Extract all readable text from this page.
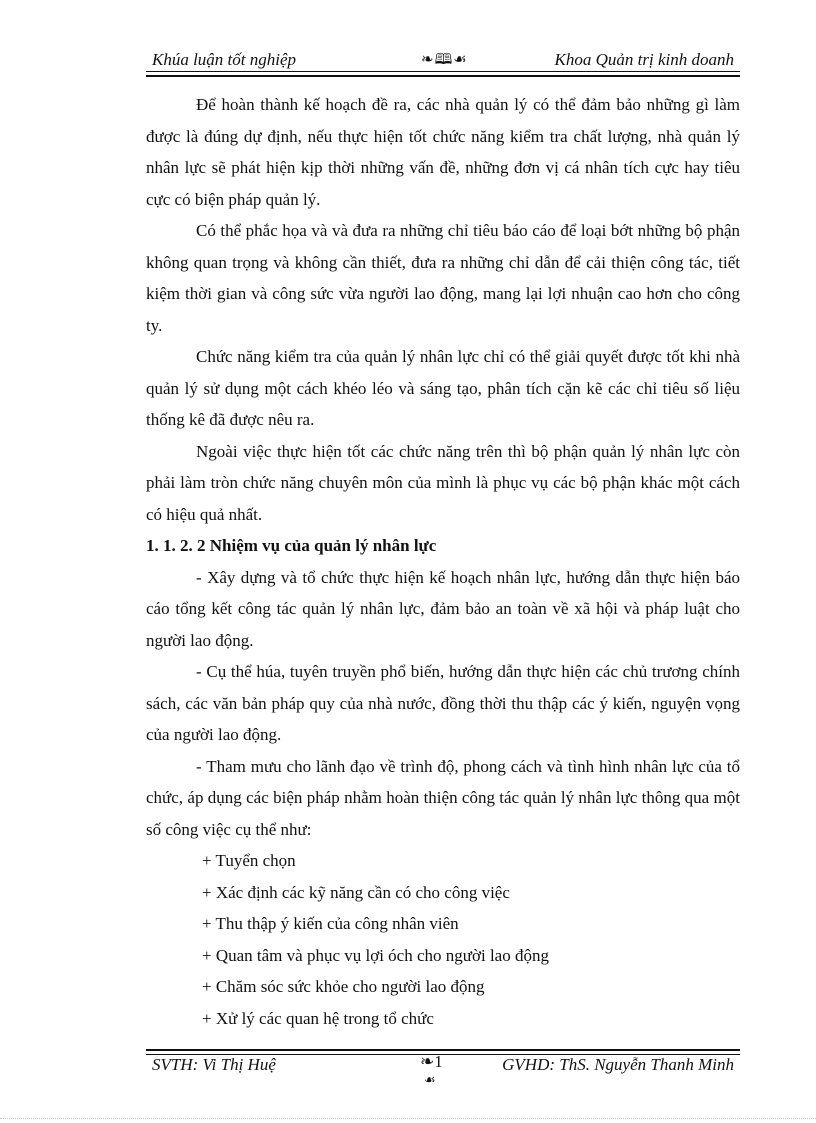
Khúa luận tốt nghiệp	❧🕮☙	Khoa Quản trị kinh doanh

Để hoàn thành kế hoạch đề ra, các nhà quản lý có thể đảm bảo những gì làm được là đúng dự định, nếu thực hiện tốt chức năng kiểm tra chất lượng, nhà quản lý nhân lực sẽ phát hiện kịp thời những vấn đề, những đơn vị cá nhân tích cực hay tiêu cực có biện pháp quản lý.

Có thể phắc họa và và đưa ra những chỉ tiêu báo cáo để loại bớt những bộ phận không quan trọng và không cần thiết, đưa ra những chỉ dẫn để cải thiện công tác, tiết kiệm thời gian và công sức vừa người lao động, mang lại lợi nhuận cao hơn cho công ty.

Chức năng kiểm tra của quản lý nhân lực chỉ có thể giải quyết được tốt khi nhà quản lý sử dụng một cách khéo léo và sáng tạo, phân tích cặn kẽ các chỉ tiêu số liệu thống kê đã được nêu ra.

Ngoài việc thực hiện tốt các chức năng trên thì bộ phận quản lý nhân lực còn phải làm tròn chức năng chuyên môn của mình là phục vụ các bộ phận khác một cách có hiệu quả nhất.

1. 1. 2. 2 Nhiệm vụ của quản lý nhân lực

- Xây dựng và tổ chức thực hiện kế hoạch nhân lực, hướng dẫn thực hiện báo cáo tổng kết công tác quản lý nhân lực, đảm bảo an toàn về xã hội và pháp luật cho người lao động.

- Cụ thể húa, tuyên truyền phổ biến, hướng dẫn thực hiện các chủ trương chính sách, các văn bản pháp quy của nhà nước, đồng thời thu thập các ý kiến, nguyện vọng của người lao động.

- Tham mưu cho lãnh đạo về trình độ, phong cách và tình hình nhân lực của tổ chức, áp dụng các biện pháp nhằm hoàn thiện công tác quản lý nhân lực thông qua một số công việc cụ thể như:

+ Tuyển chọn
+ Xác định các kỹ năng cần có cho công việc
+ Thu thập ý kiến của công nhân viên
+ Quan tâm và phục vụ lợi óch cho người lao động
+ Chăm sóc sức khỏe cho người lao động
+ Xử lý các quan hệ trong tổ chức
SVTH: Vi Thị Huệ	❧1
☙
GVHD: ThS. Nguyễn Thanh Minh
